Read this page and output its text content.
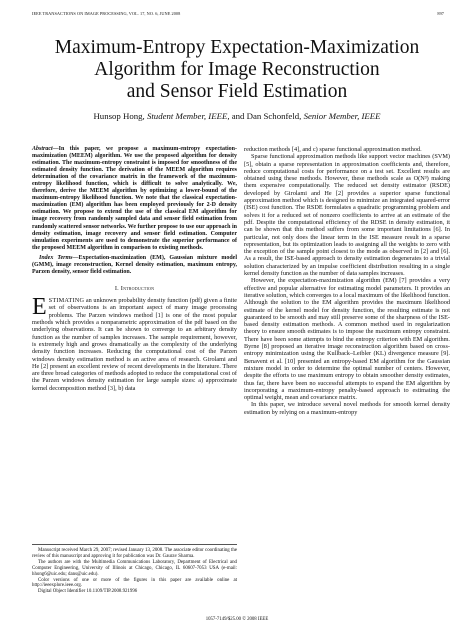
IEEE TRANSACTIONS ON IMAGE PROCESSING, VOL. 17, NO. 6, JUNE 2008	897
Maximum-Entropy Expectation-Maximization
Algorithm for Image Reconstruction
and Sensor Field Estimation
Hunsop Hong, Student Member, IEEE, and Dan Schonfeld, Senior Member, IEEE
Abstract—In this paper, we propose a maximum-entropy expectation-maximization (MEEM) algorithm. We use the proposed algorithm for density estimation. The maximum-entropy constraint is imposed for smoothness of the estimated density function. The derivation of the MEEM algorithm requires determination of the covariance matrix in the framework of the maximum-entropy likelihood function, which is difficult to solve analytically. We, therefore, derive the MEEM algorithm by optimizing a lower-bound of the maximum-entropy likelihood function. We note that the classical expectation-maximization (EM) algorithm has been employed previously for 2-D density estimation. We propose to extend the use of the classical EM algorithm for image recovery from randomly sampled data and sensor field estimation from randomly scattered sensor networks. We further propose to use our approach in density estimation, image recovery and sensor field estimation. Computer simulation experiments are used to demonstrate the superior performance of the proposed MEEM algorithm in comparison to existing methods.
Index Terms—Expectation-maximization (EM), Gaussian mixture model (GMM), image reconstruction, Kernel density estimation, maximum entropy, Parzen density, sensor field estimation.
I. Introduction
ESTIMATING an unknown probability density function (pdf) given a finite set of observations is an important aspect of many image processing problems. The Parzen windows method [1] is one of the most popular methods which provides a nonparametric approximation of the pdf based on the underlying observations. It can be shown to converge to an arbitrary density function as the number of samples increases. The sample requirement, however, is extremely high and grows dramatically as the complexity of the underlying density function increases. Reducing the computational cost of the Parzen windows density estimation method is an active area of research. Girolami and He [2] present an excellent review of recent developments in the literature. There are three broad categories of methods adopted to reduce the computational cost of the Parzen windows density estimation for large sample sizes: a) approximate kernel decomposition method [3], b) data

Manuscript received March 29, 2007; revised January 13, 2008. The associate editor coordinating the review of this manuscript and approving it for publication was Dr. Gaurav Sharma.

The authors are with the Multimedia Communications Laboratory, Department of Electrical and Computer Engineering, University of Illinois at Chicago, Chicago, IL 60607-7053 USA (e-mail: hhong6@uic.edu; dans@uic.edu).

Color versions of one or more of the figures in this paper are available online at http://ieeexplore.ieee.org.

Digital Object Identifier 10.1109/TIP.2008.921996

reduction methods [4], and c) sparse functional approximation method.

Sparse functional approximation methods like support vector machines (SVM) [5], obtain a sparse representation in approximation coefficients and, therefore, reduce computational costs for performance on a test set. Excellent results are obtained using these methods. However, these methods scale as O(N³) making them expensive computationally. The reduced set density estimator (RSDE) developed by Girolami and He [2] provides a superior sparse functional approximation method which is designed to minimize an integrated squared-error (ISE) cost function. The RSDE formulates a quadratic programming problem and solves it for a reduced set of nonzero coefficients to arrive at an estimate of the pdf. Despite the computational efficiency of the RDSE in density estimation, it can be shown that this method suffers from some important limitations [6]. In particular, not only does the linear term in the ISE measure result in a sparse representation, but its optimization leads to assigning all the weights to zero with the exception of the sample point closest to the mode as observed in [2] and [6]. As a result, the ISE-based approach to density estimation degenerates to a trivial solution characterized by an impulse coefficient distribution resulting in a single kernel density function as the number of data samples increases.

However, the expectation-maximization algorithm (EM) [7] provides a very effective and popular alternative for estimating model parameters. It provides an iterative solution, which converges to a local maximum of the likelihood function. Although the solution to the EM algorithm provides the maximum likelihood estimate of the kernel model for density function, the resulting estimate is not guaranteed to be smooth and may still preserve some of the sharpness of the ISE-based density estimation methods. A common method used in regularization theory to ensure smooth estimates is to impose the maximum entropy constraint. There have been some attempts to bind the entropy criterion with EM algorithm. Byrne [8] proposed an iterative image reconstruction algorithm based on cross-entropy minimization using the Kullback–Leibler (KL) divergence measure [9]. Benavent et al. [10] presented an entropy-based EM algorithm for the Gaussian mixture model in order to determine the optimal number of centers. However, despite the efforts to use maximum entropy to obtain smoother density estimates, thus far, there have been no successful attempts to expand the EM algorithm by incorporating a maximum-entropy penalty-based approach to estimating the optimal weight, mean and covariance matrix.

In this paper, we introduce several novel methods for smooth kernel density estimation by relying on a maximum-entropy

1057-7149/$25.00 © 2008 IEEE
